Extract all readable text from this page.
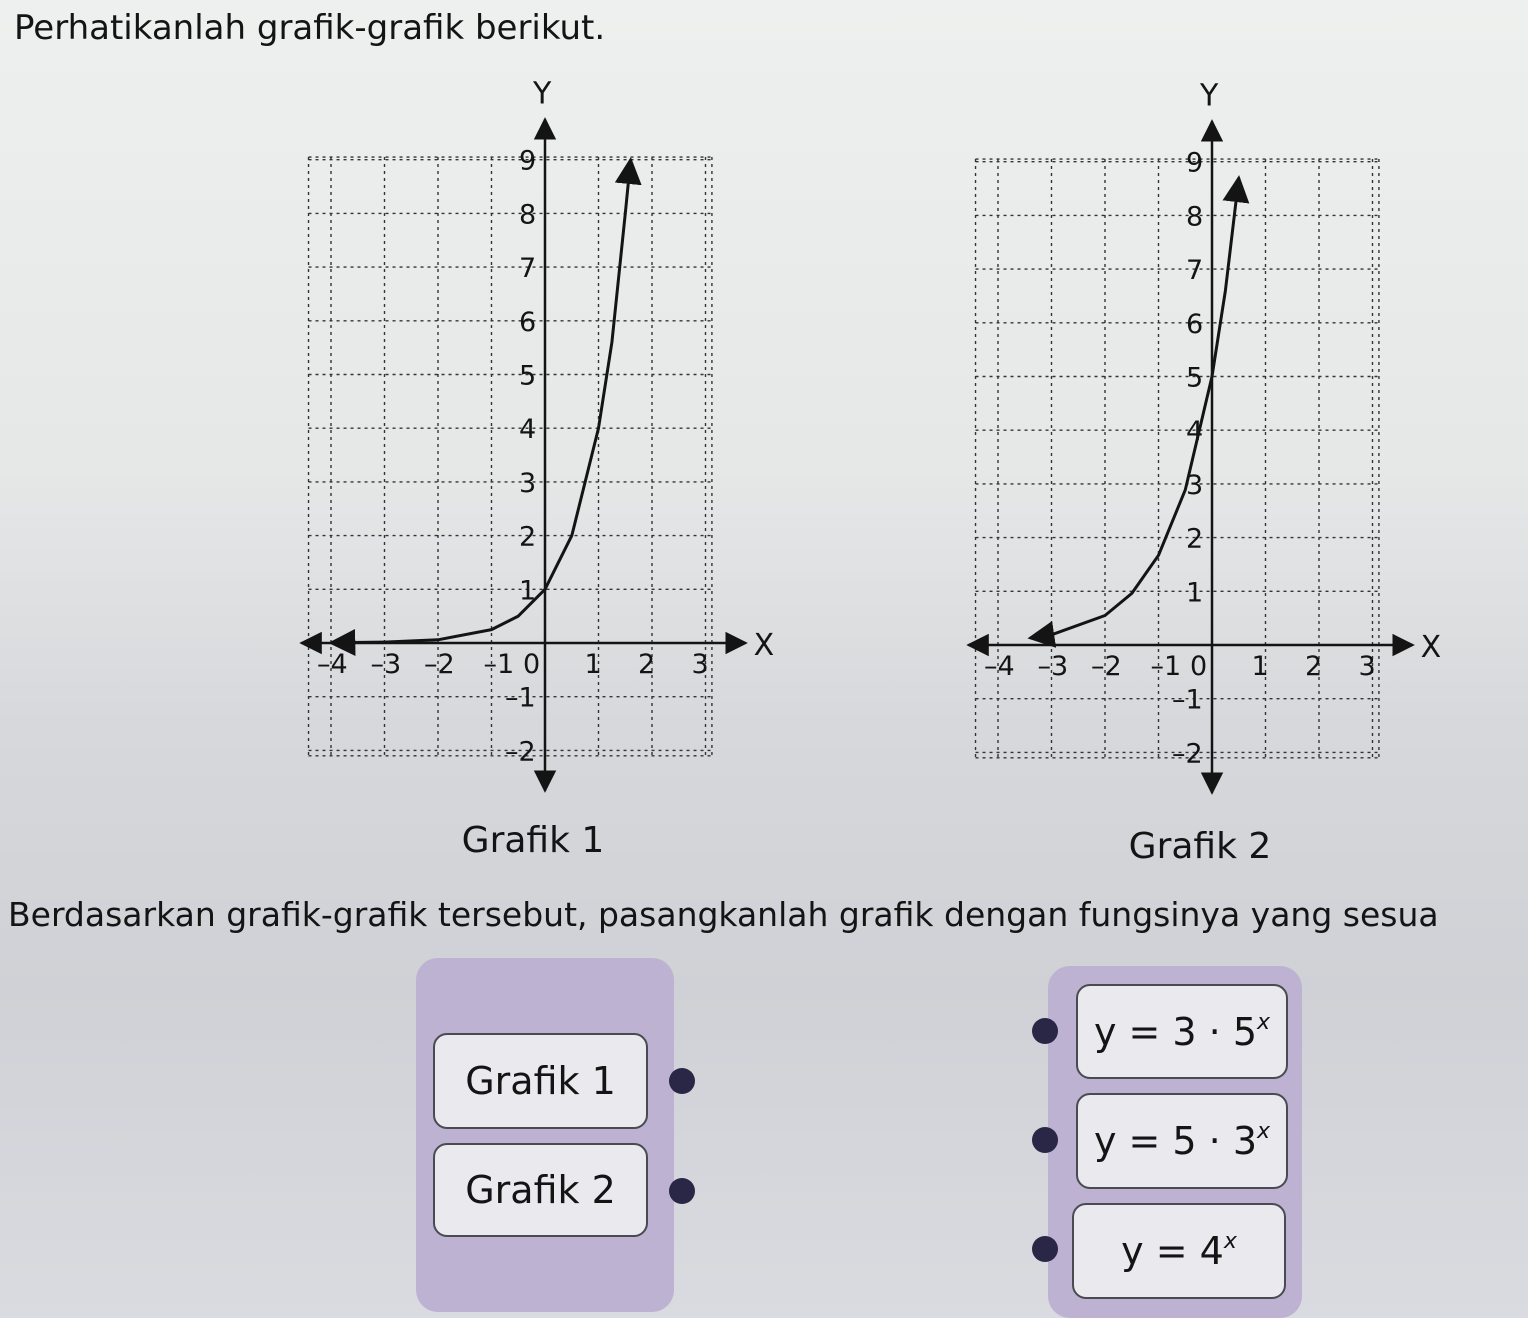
Perhatikanlah grafik-grafik berikut.
X
Y
–4 –3 –2 –1 0 1 2 3
9
8
7
6
5
4
3
2
1
–1
–2
Grafik 1
X
Y
–4 –3 –2 –1 0 1 2 3
9
8
7
6
5
4
3
2
1
–1
–2
Grafik 2
Berdasarkan grafik-grafik tersebut, pasangkanlah grafik dengan fungsinya yang sesua
Grafik 1
Grafik 2
$y = 3 \cdot 5^x$
$y = 5 \cdot 3^x$
$y = 4^x$
